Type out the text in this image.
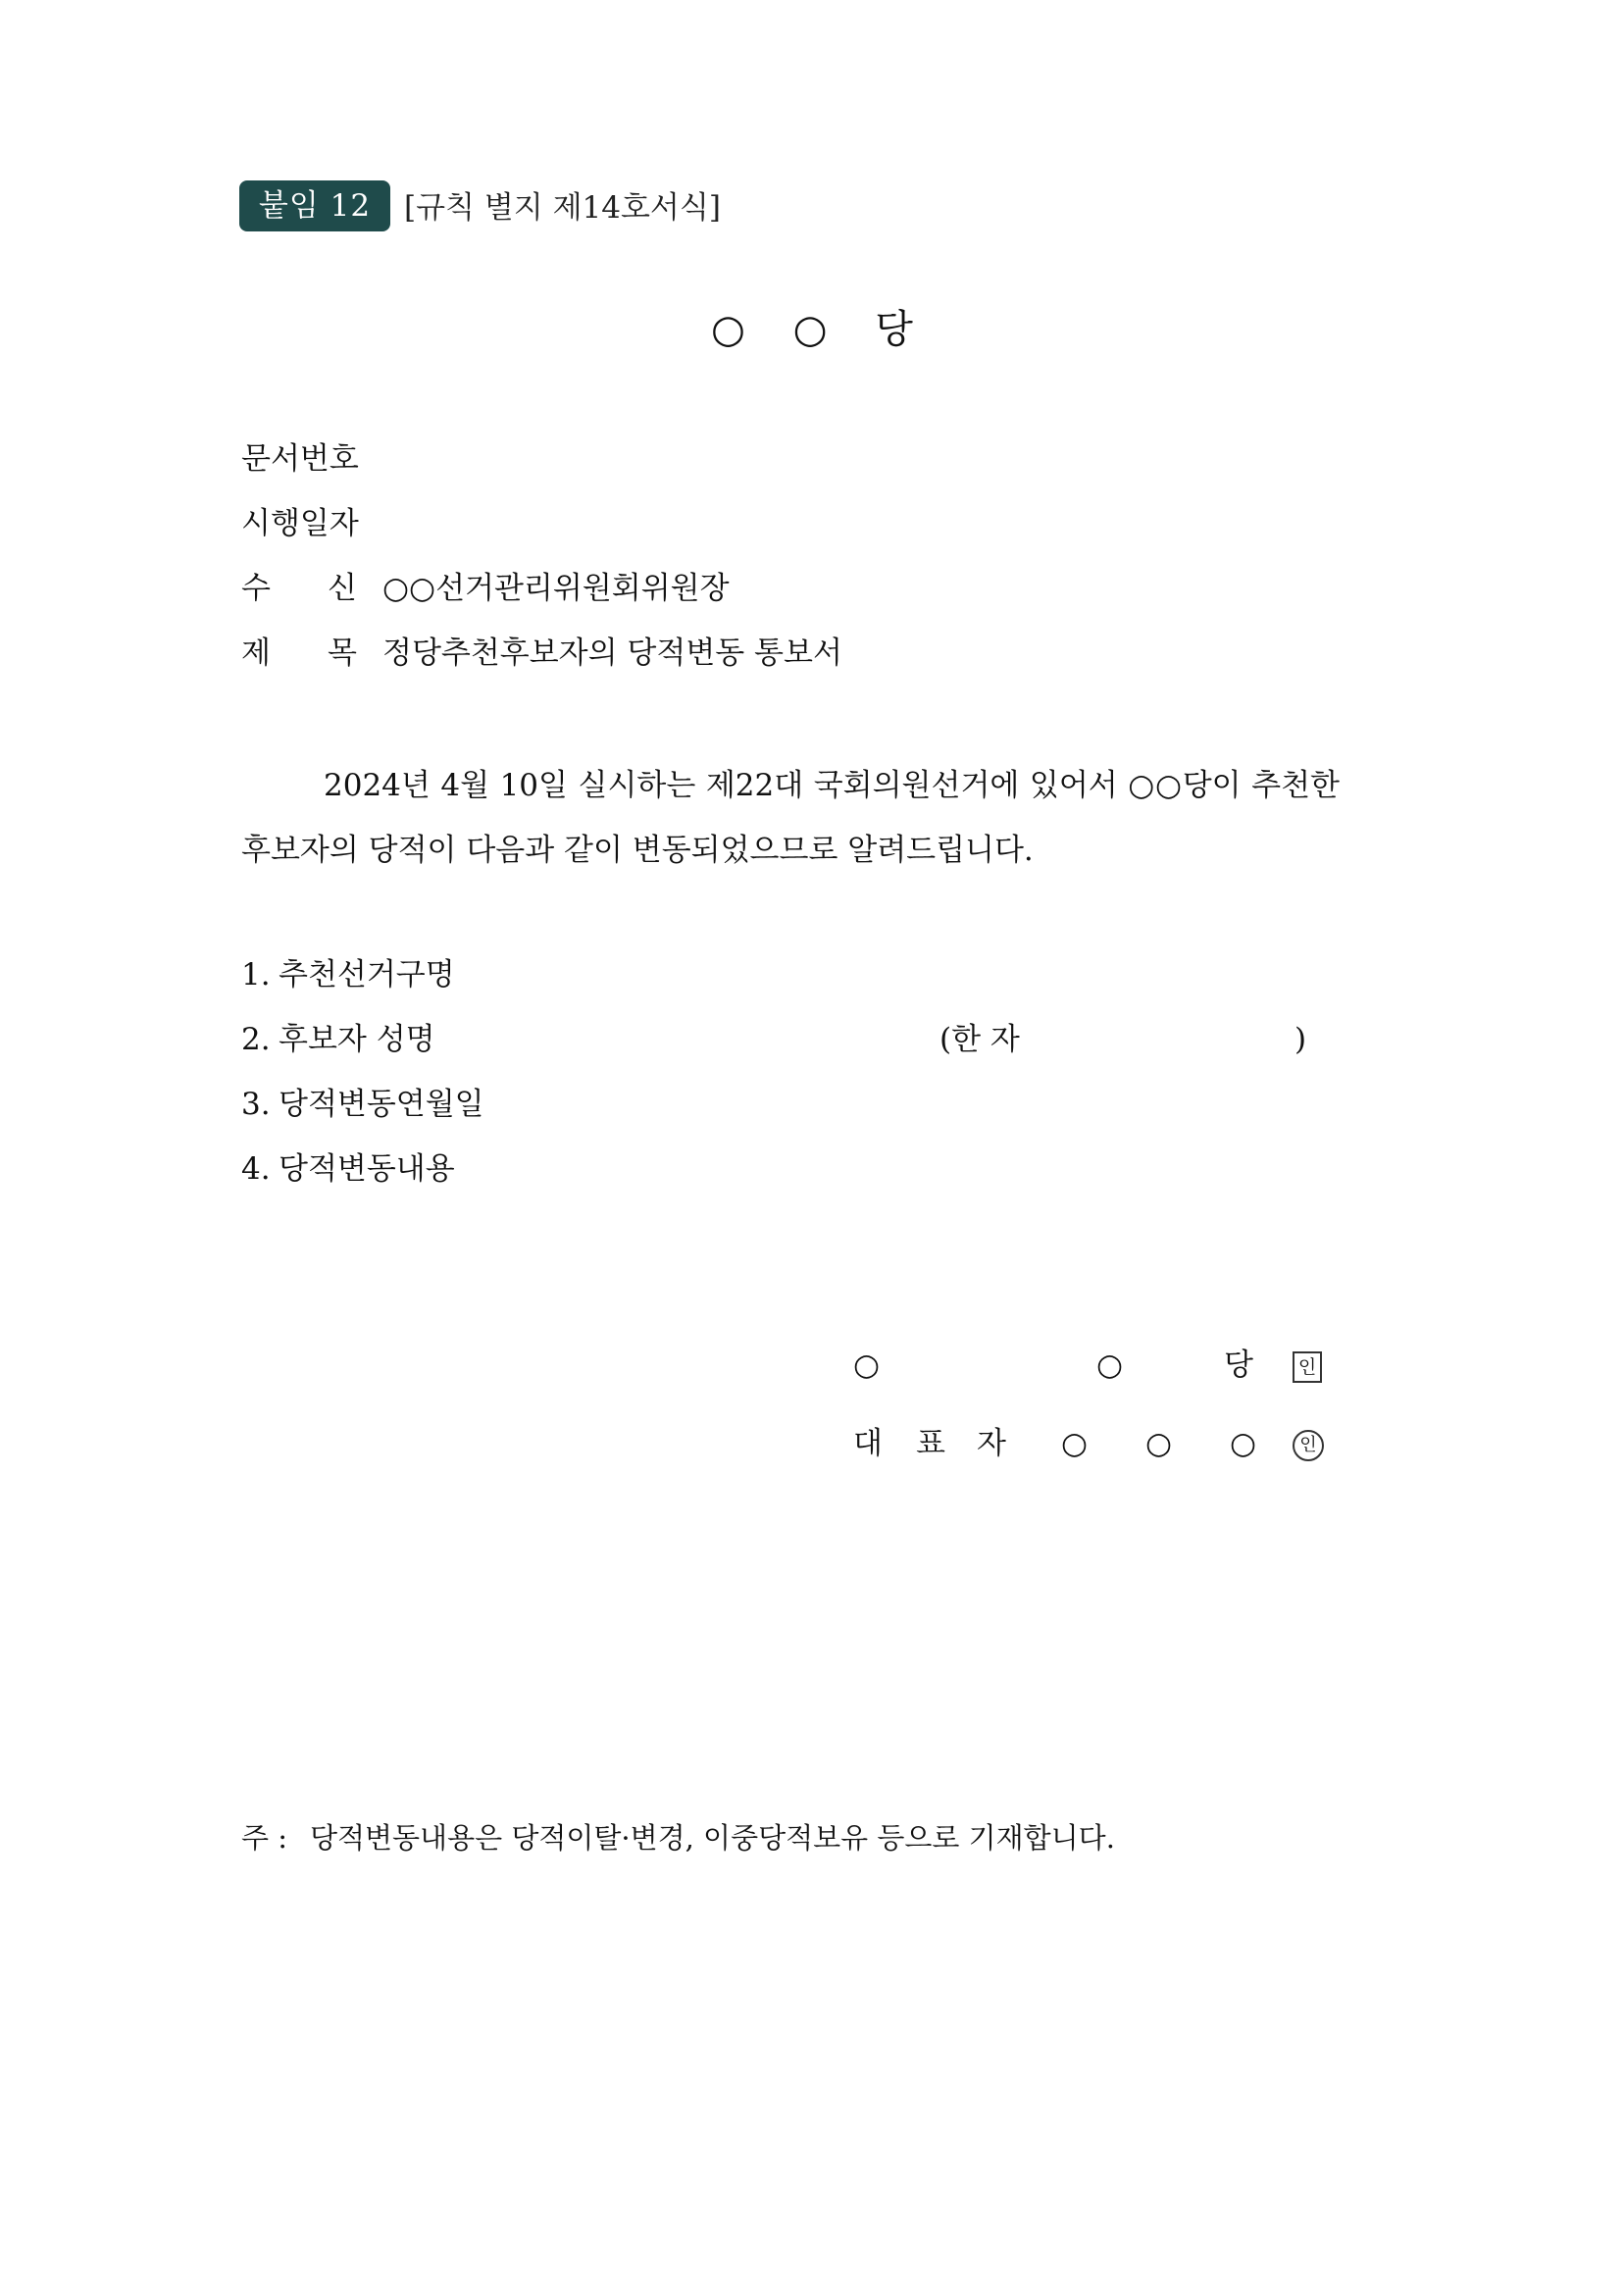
붙임 12	[규칙 별지 제14호서식]
○ ○ 당
문서번호
시행일자
수 신 ○○선거관리위원회위원장
제 목 정당추천후보자의 당적변동 통보서
2024년 4월 10일 실시하는 제22대 국회의원선거에 있어서 ○○당이 추천한 후보자의 당적이 다음과 같이 변동되었으므로 알려드립니다.
1. 추천선거구명
2. 후보자 성명	(한 자	)
3. 당적변동연월일
4. 당적변동내용
○	○	당	인
대 표 자 ○ ○ ○	인
주 : 당적변동내용은 당적이탈·변경, 이중당적보유 등으로 기재합니다.
